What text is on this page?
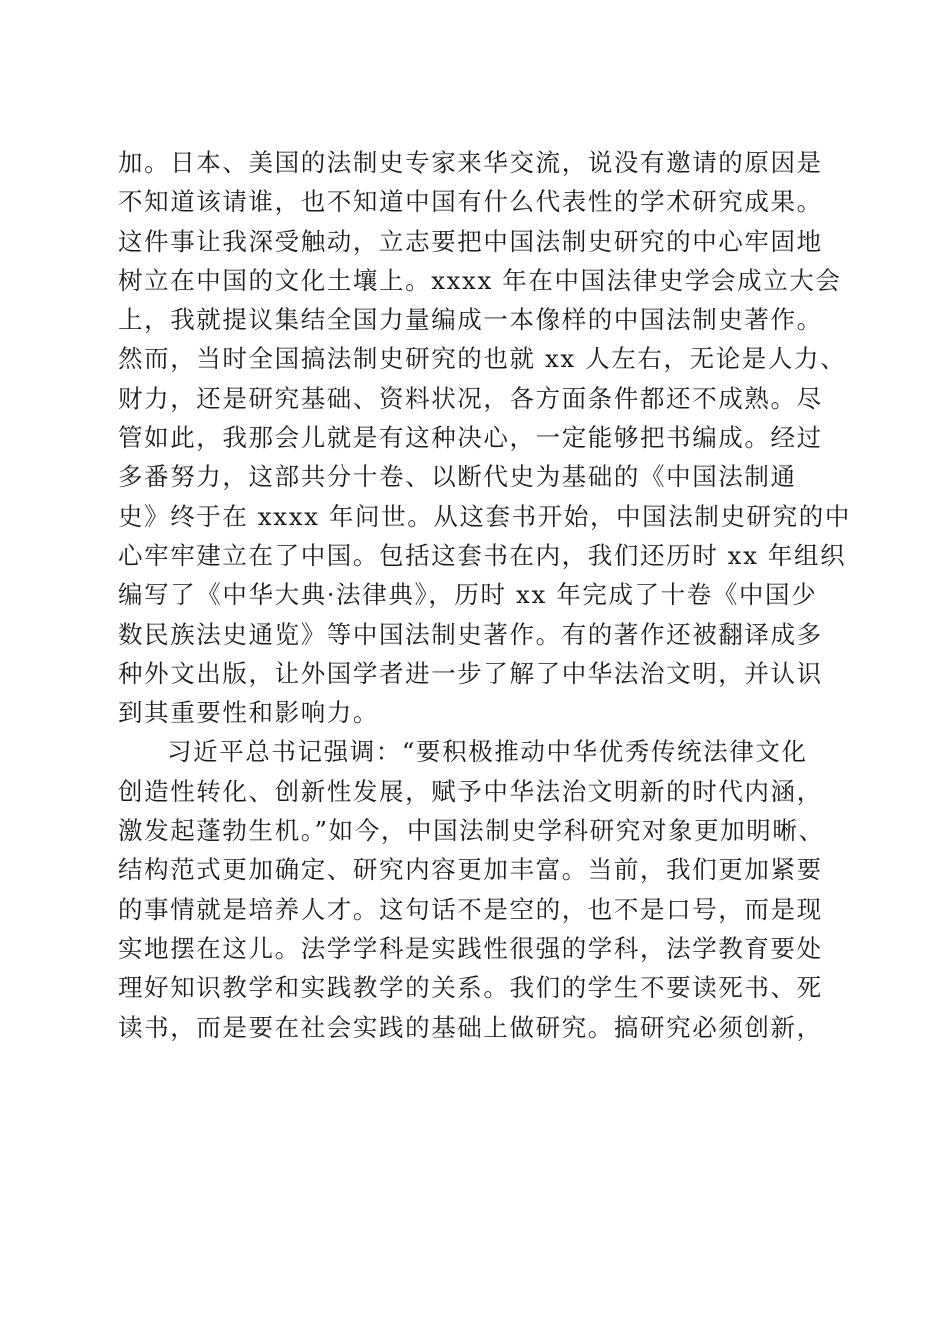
加。日本、美国的法制史专家来华交流，说没有邀请的原因是
不知道该请谁，也不知道中国有什么代表性的学术研究成果。
这件事让我深受触动，立志要把中国法制史研究的中心牢固地
树立在中国的文化土壤上。xxxx 年在中国法律史学会成立大会
上，我就提议集结全国力量编成一本像样的中国法制史著作。
然而，当时全国搞法制史研究的也就 xx 人左右，无论是人力、
财力，还是研究基础、资料状况，各方面条件都还不成熟。尽
管如此，我那会儿就是有这种决心，一定能够把书编成。经过
多番努力，这部共分十卷、以断代史为基础的《中国法制通
史》终于在 xxxx 年问世。从这套书开始，中国法制史研究的中
心牢牢建立在了中国。包括这套书在内，我们还历时 xx 年组织
编写了《中华大典·法律典》，历时 xx 年完成了十卷《中国少
数民族法史通览》等中国法制史著作。有的著作还被翻译成多
种外文出版，让外国学者进一步了解了中华法治文明，并认识
到其重要性和影响力。
习近平总书记强调：“要积极推动中华优秀传统法律文化
创造性转化、创新性发展，赋予中华法治文明新的时代内涵，
激发起蓬勃生机。”如今，中国法制史学科研究对象更加明晰、
结构范式更加确定、研究内容更加丰富。当前，我们更加紧要
的事情就是培养人才。这句话不是空的，也不是口号，而是现
实地摆在这儿。法学学科是实践性很强的学科，法学教育要处
理好知识教学和实践教学的关系。我们的学生不要读死书、死
读书，而是要在社会实践的基础上做研究。搞研究必须创新，
